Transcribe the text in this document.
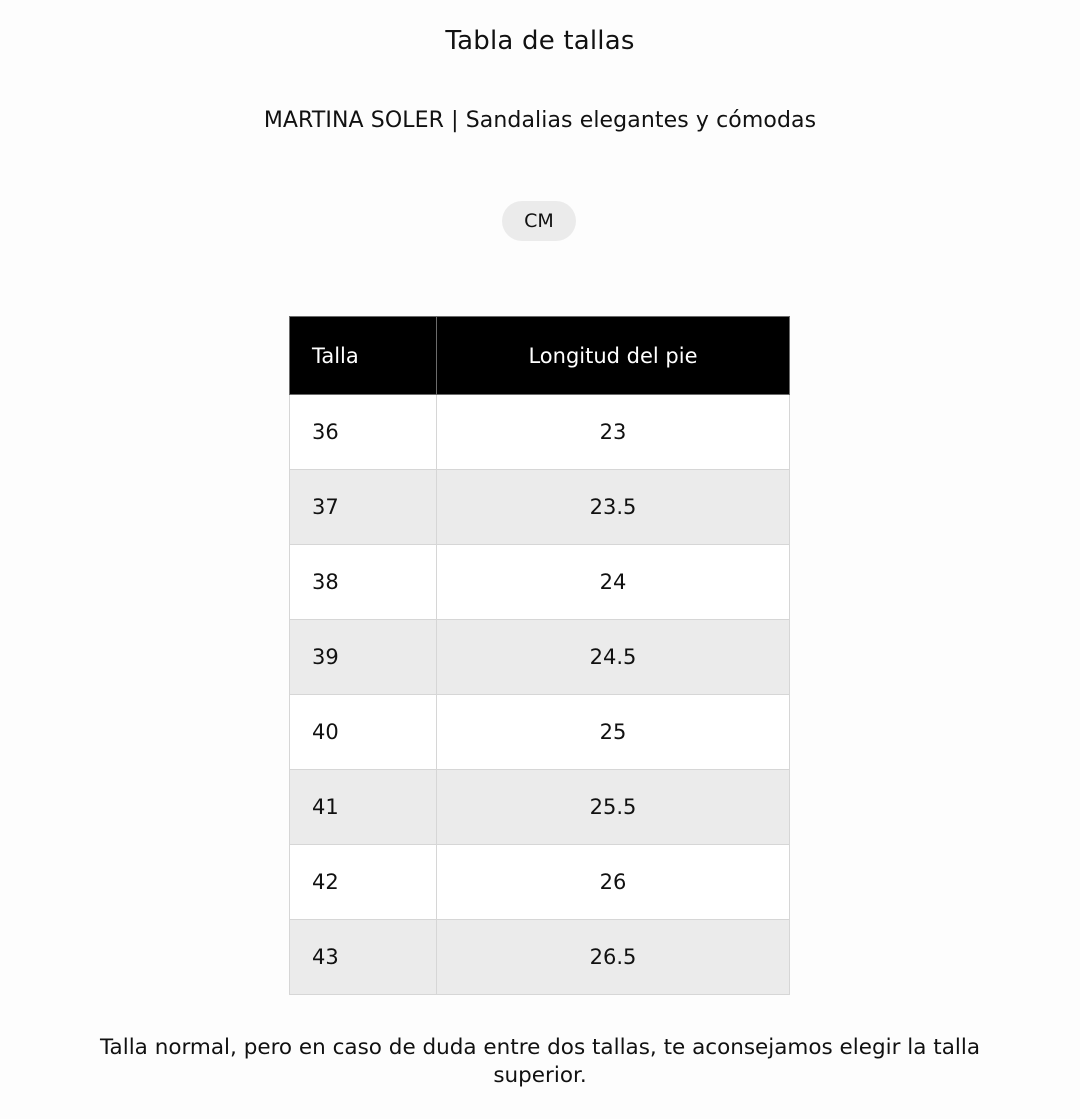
Tabla de tallas
MARTINA SOLER | Sandalias elegantes y cómodas
CM
Talla	Longitud del pie
36	23
37	23.5
38	24
39	24.5
40	25
41	25.5
42	26
43	26.5
Talla normal, pero en caso de duda entre dos tallas, te aconsejamos elegir la talla superior.
